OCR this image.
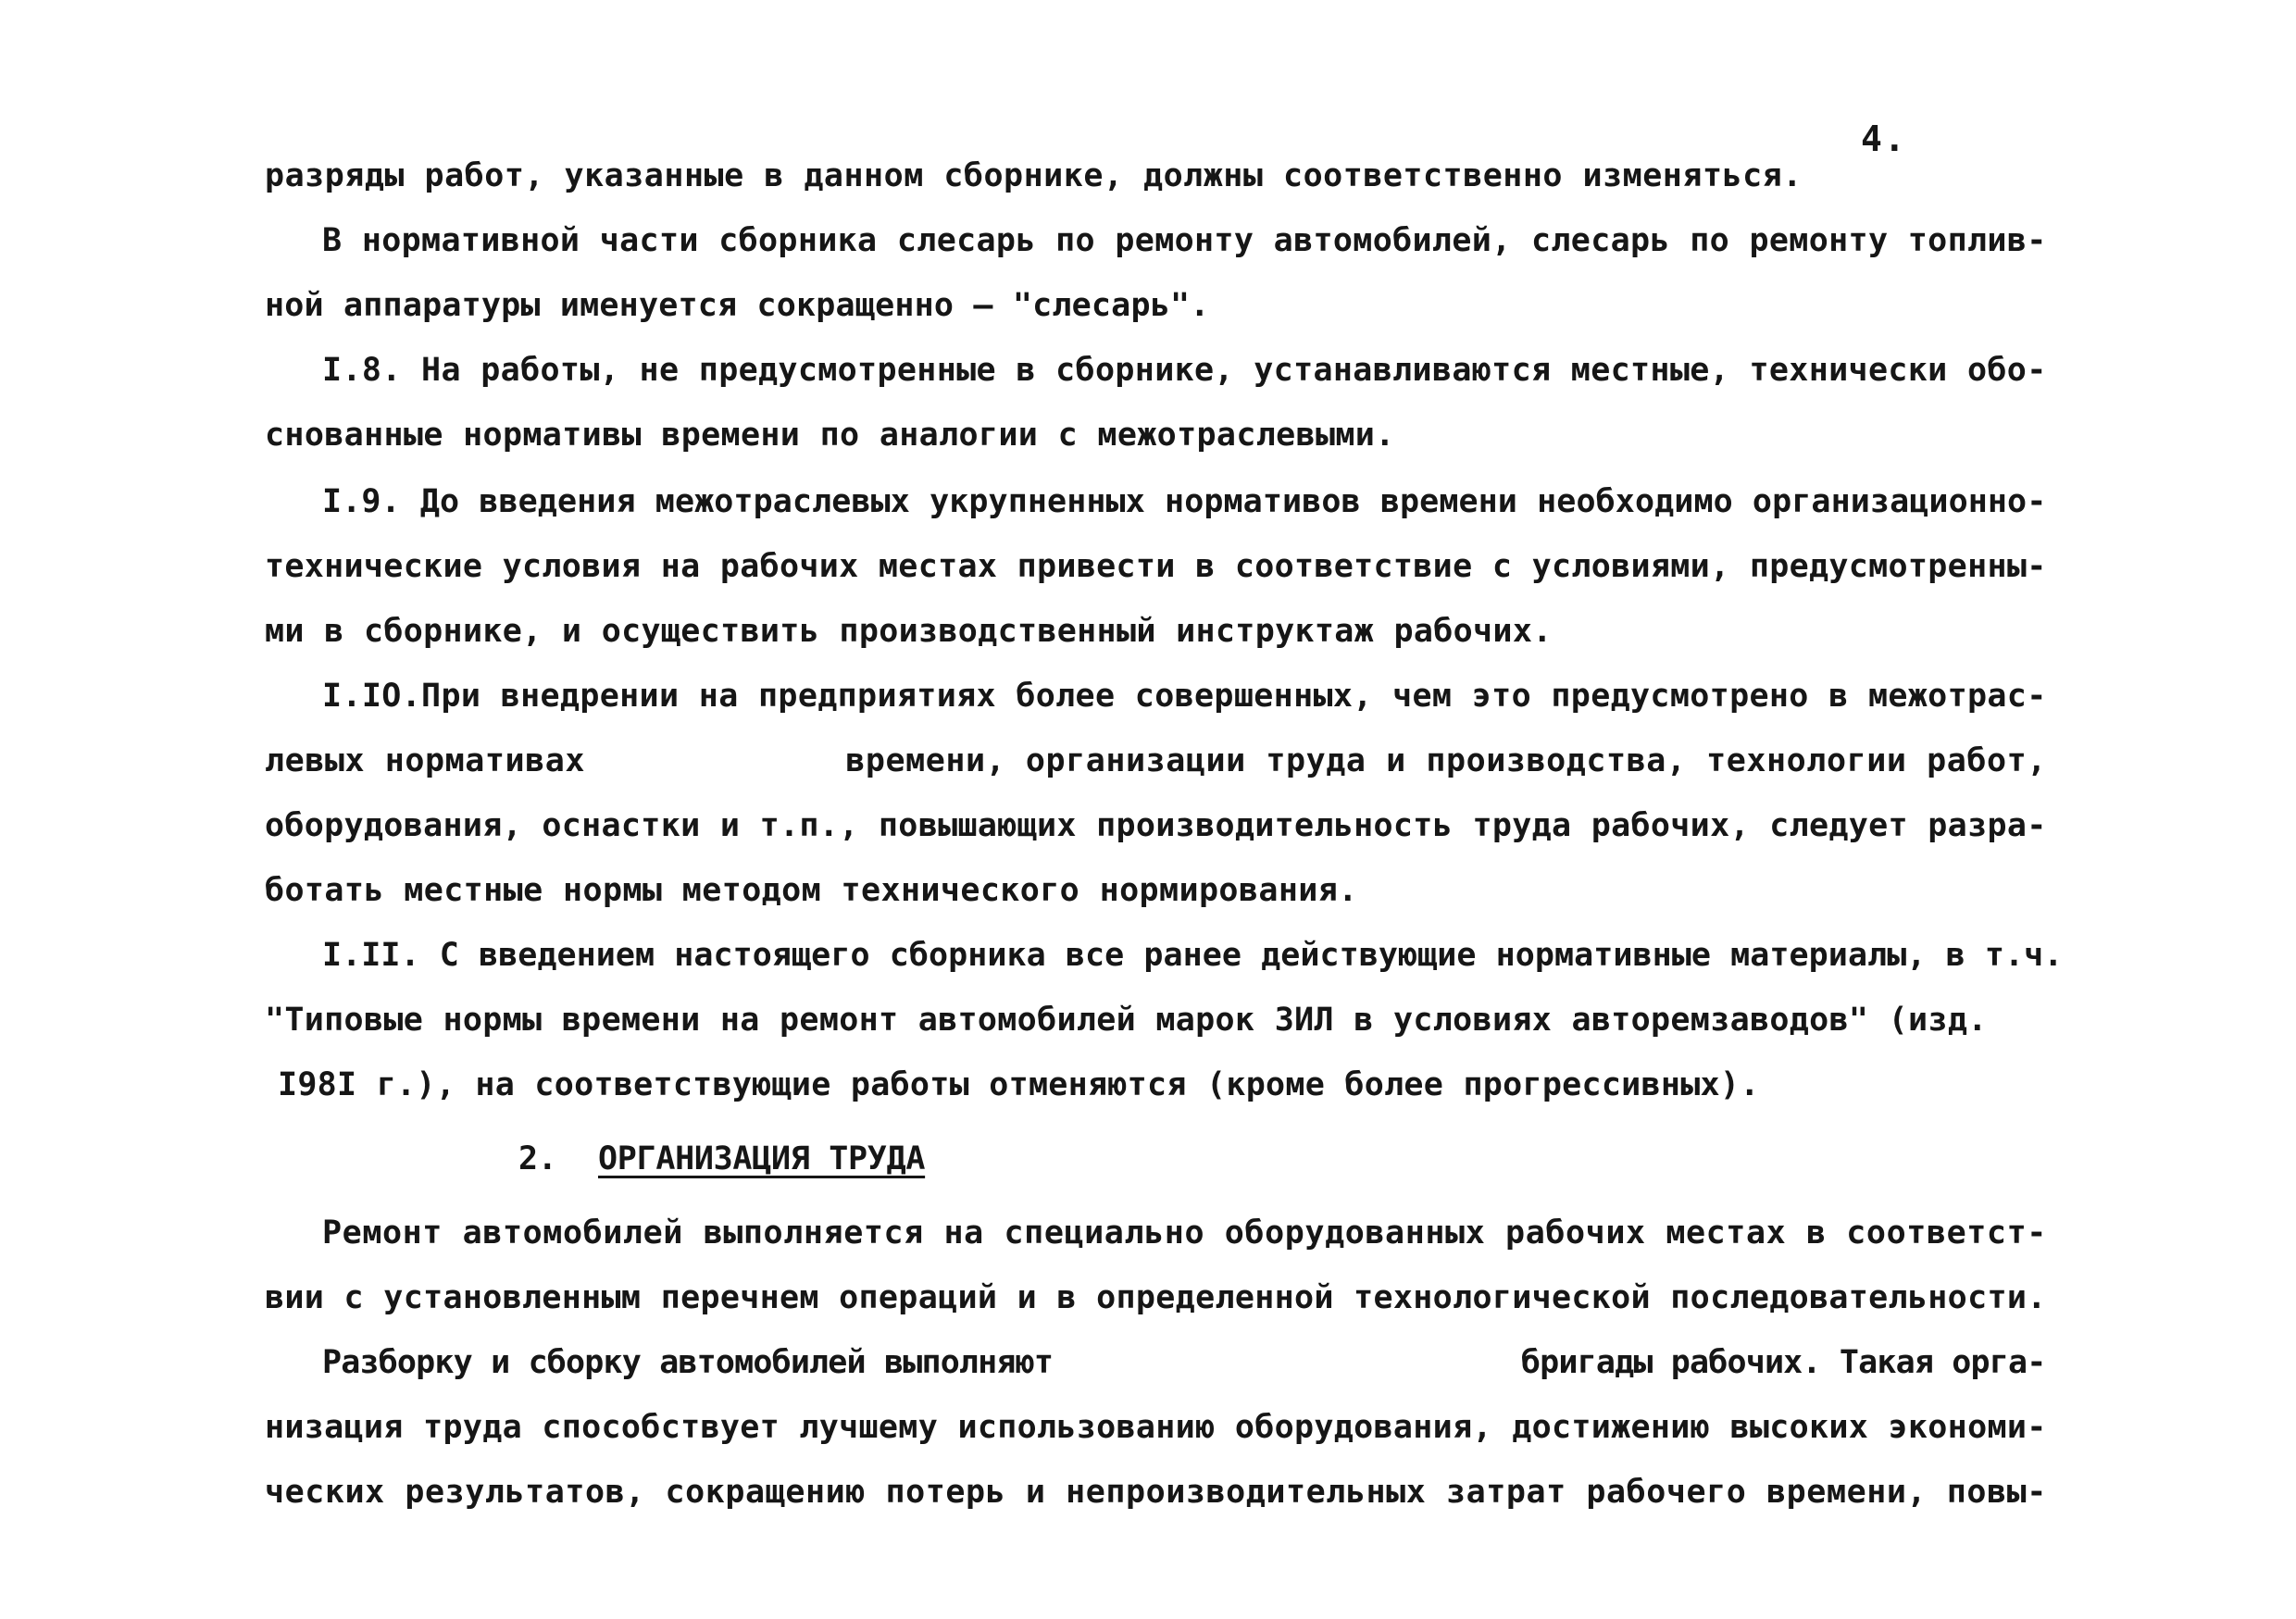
4.
разряды работ, указанные в данном сборнике, должны соответственно изменяться.
В нормативной части сборника слесарь по ремонту автомобилей, слесарь по ремонту топлив-
ной аппаратуры именуется сокращенно – "слесарь".
I.8. На работы, не предусмотренные в сборнике, устанавливаются местные, технически обо-
снованные нормативы времени по аналогии с межотраслевыми.
I.9. До введения межотраслевых укрупненных нормативов времени необходимо организационно-
технические условия на рабочих местах привести в соответствие с условиями, предусмотренны-
ми в сборнике, и осуществить производственный инструктаж рабочих.
I.IO.При внедрении на предприятиях более совершенных, чем это предусмотрено в межотрас-
левых нормативах             времени, организации труда и производства, технологии работ,
оборудования, оснастки и т.п., повышающих производительность труда рабочих, следует разра-
ботать местные нормы методом технического нормирования.
I.II. С введением настоящего сборника все ранее действующие нормативные материалы, в т.ч.
"Типовые нормы времени на ремонт автомобилей марок ЗИЛ в условиях авторемзаводов" (изд.
I98I г.), на соответствующие работы отменяются (кроме более прогрессивных).
2. ОРГАНИЗАЦИЯ ТРУДА
Ремонт автомобилей выполняется на специально оборудованных рабочих местах в соответст-
вии с установленным перечнем операций и в определенной технологической последовательности.
Разборку и сборку автомобилей выполняют                         бригады рабочих. Такая орга-
низация труда способствует лучшему использованию оборудования, достижению высоких экономи-
ческих результатов, сокращению потерь и непроизводительных затрат рабочего времени, повы-
